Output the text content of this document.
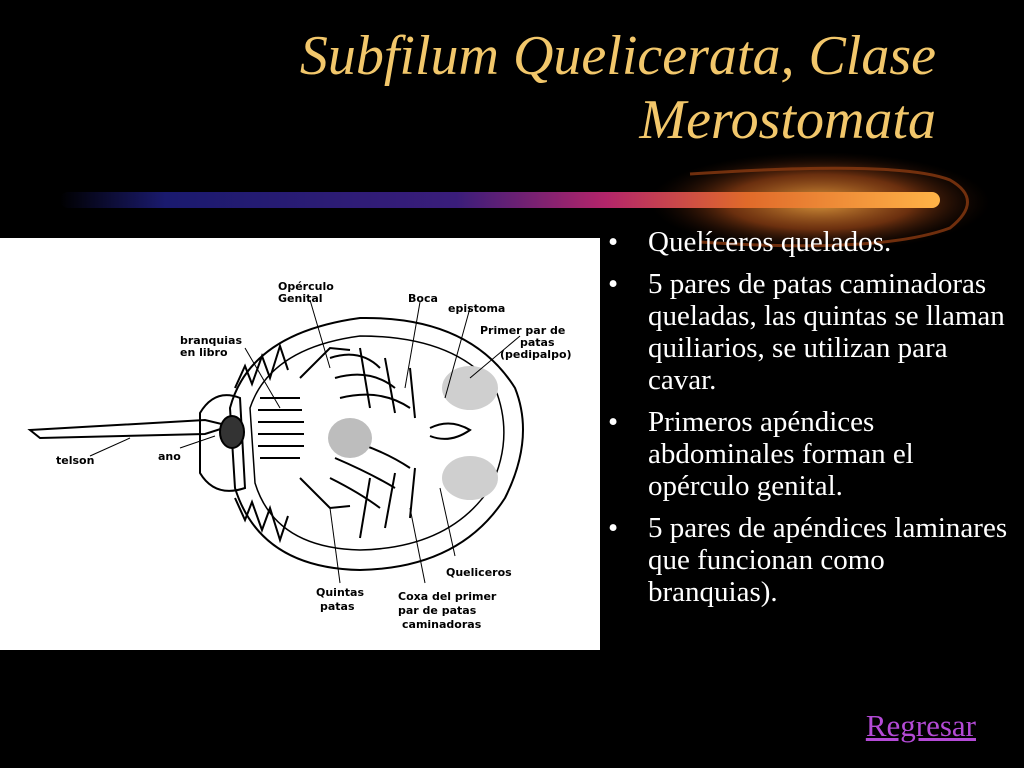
Subfilum Quelicerata, Clase
Merostomata
Opérculo
Genital	Boca
epistoma
Primer par de
patas
(pedipalpo)
branquias
en libro
telson	ano
Queliceros
Quintas
patas
Coxa del primer
par de patas
caminadoras
• Quelíceros quelados.
• 5 pares de patas caminadoras queladas, las quintas se llaman quiliarios, se utilizan para cavar.
• Primeros apéndices abdominales forman el opérculo genital.
• 5 pares de apéndices laminares que funcionan como branquias).
Regresar
